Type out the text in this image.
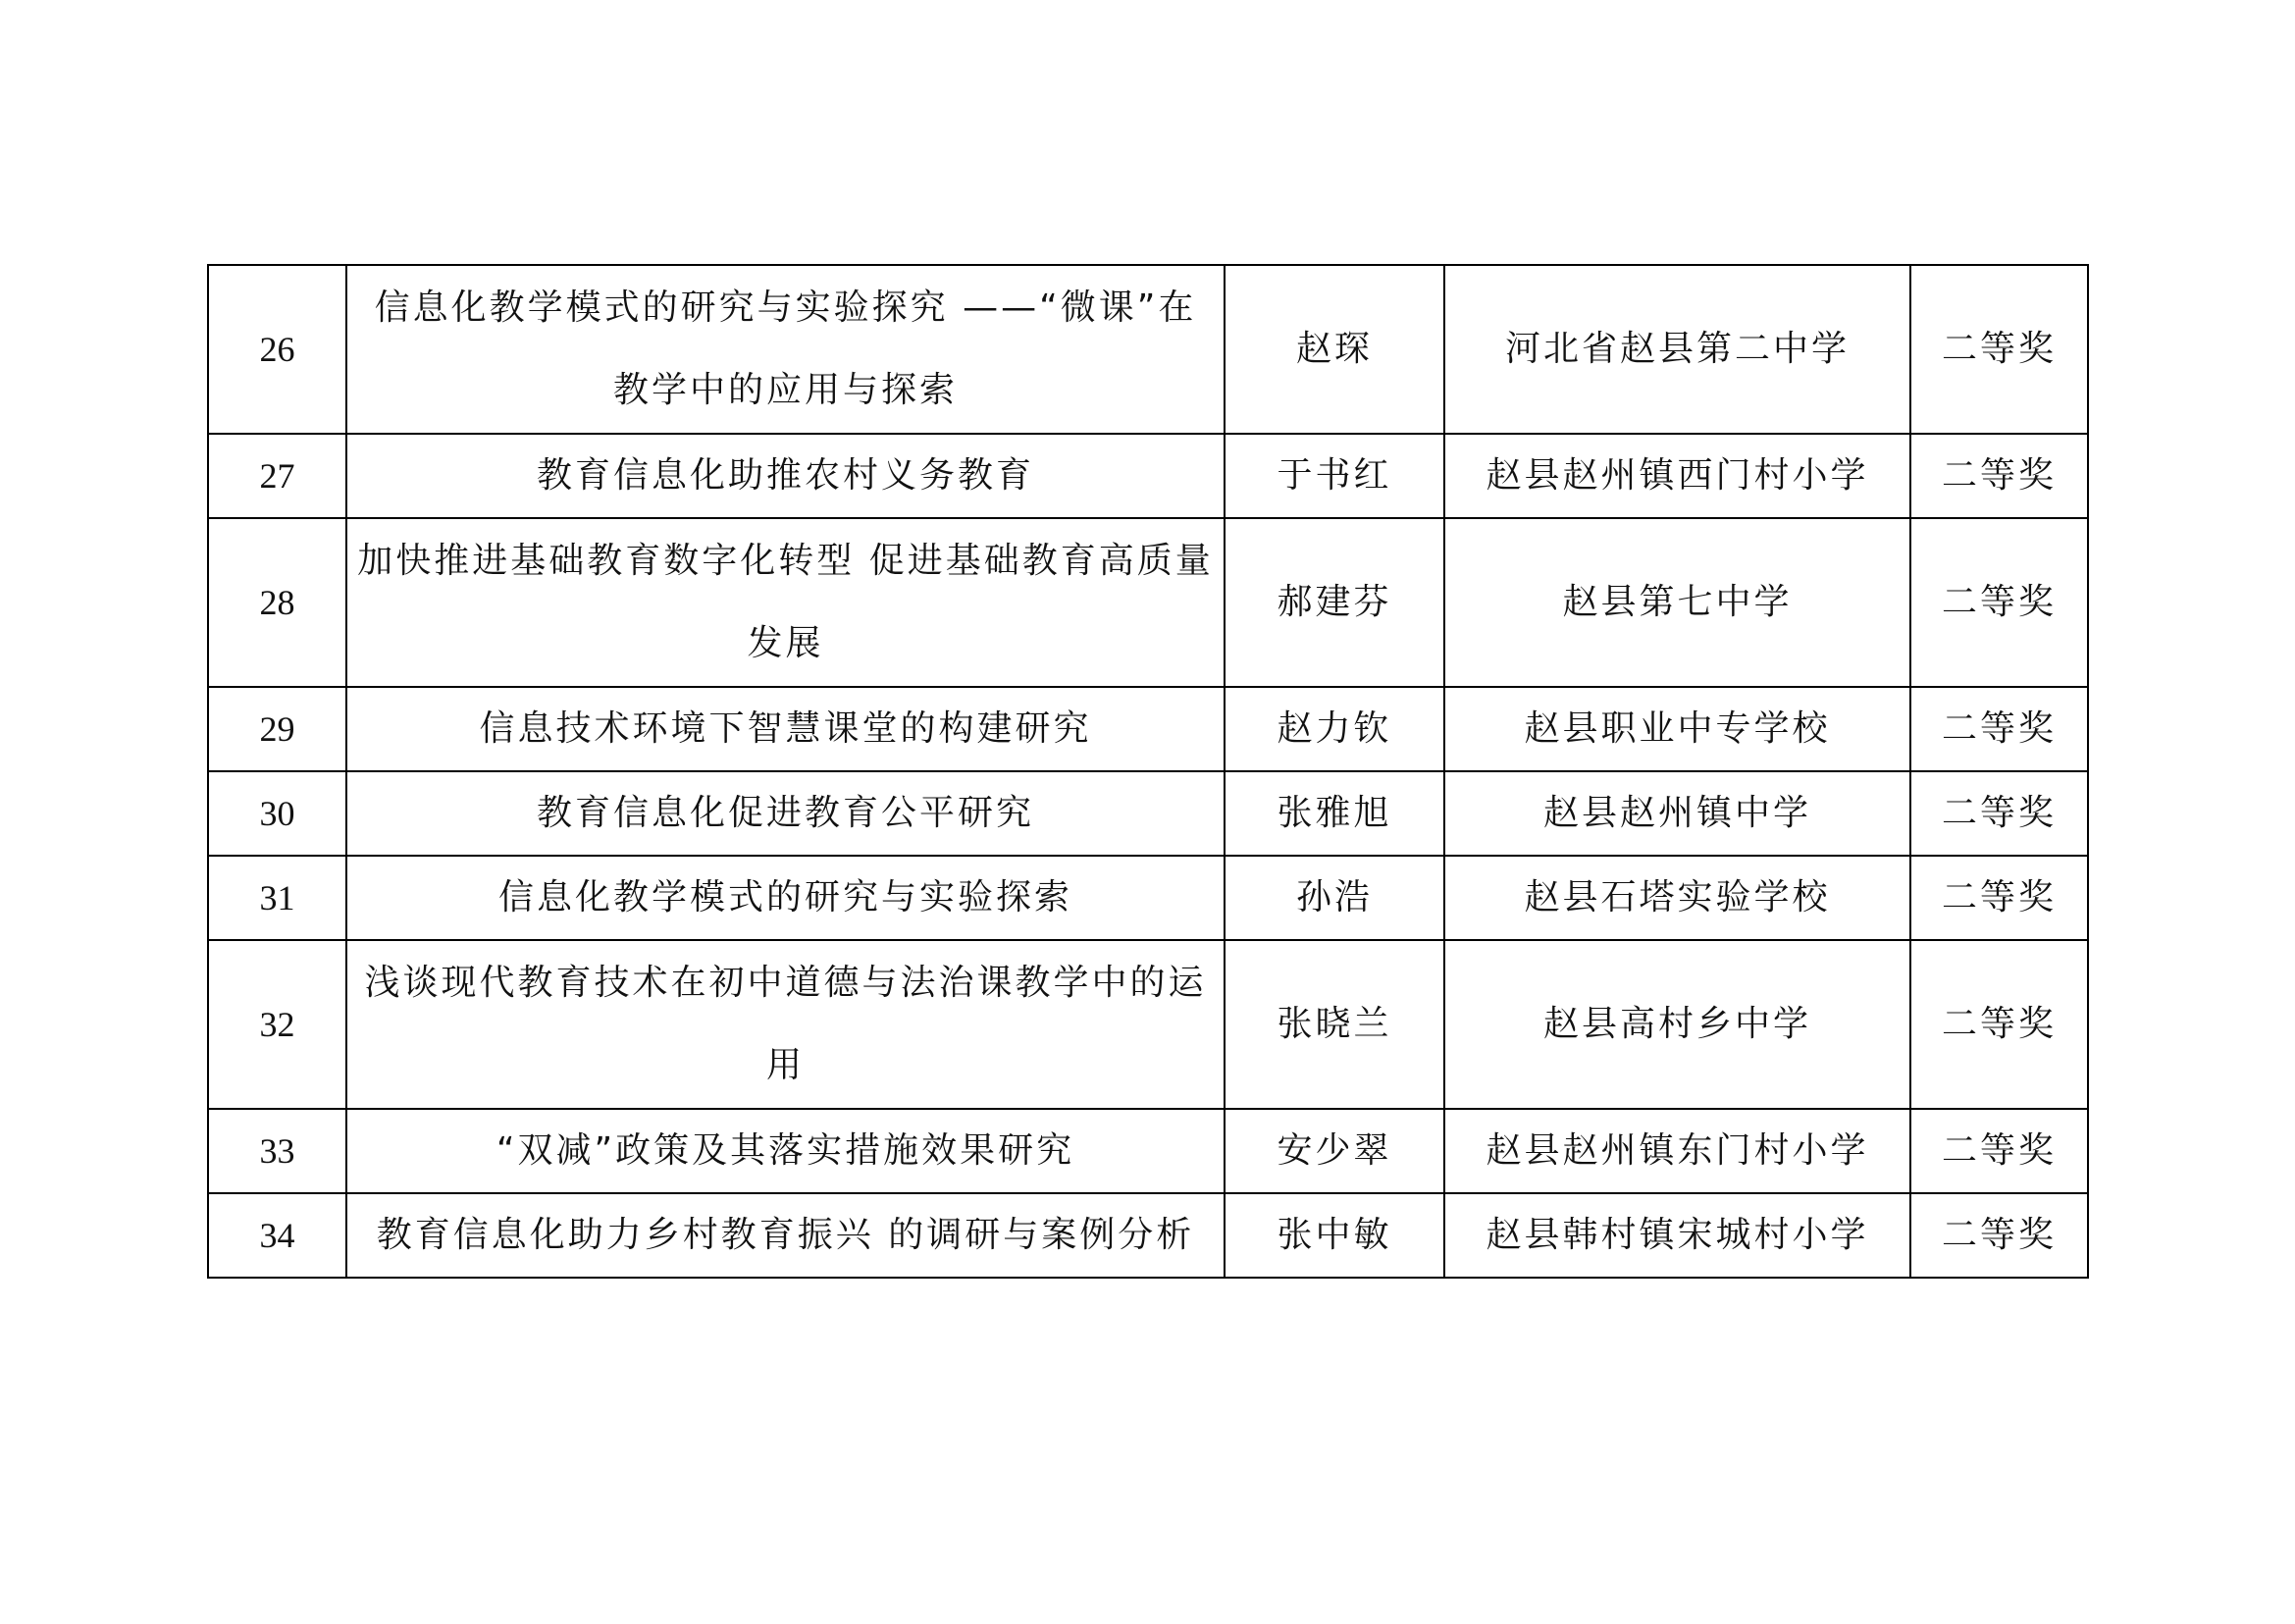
26	信息化教学模式的研究与实验探究 ——“微课”在教学中的应用与探索	赵琛	河北省赵县第二中学	二等奖
27	教育信息化助推农村义务教育	于书红	赵县赵州镇西门村小学	二等奖
28	加快推进基础教育数字化转型 促进基础教育高质量发展	郝建芬	赵县第七中学	二等奖
29	信息技术环境下智慧课堂的构建研究	赵力钦	赵县职业中专学校	二等奖
30	教育信息化促进教育公平研究	张雅旭	赵县赵州镇中学	二等奖
31	信息化教学模式的研究与实验探索	孙浩	赵县石塔实验学校	二等奖
32	浅谈现代教育技术在初中道德与法治课教学中的运用	张晓兰	赵县高村乡中学	二等奖
33	“双减”政策及其落实措施效果研究	安少翠	赵县赵州镇东门村小学	二等奖
34	教育信息化助力乡村教育振兴 的调研与案例分析	张中敏	赵县韩村镇宋城村小学	二等奖
